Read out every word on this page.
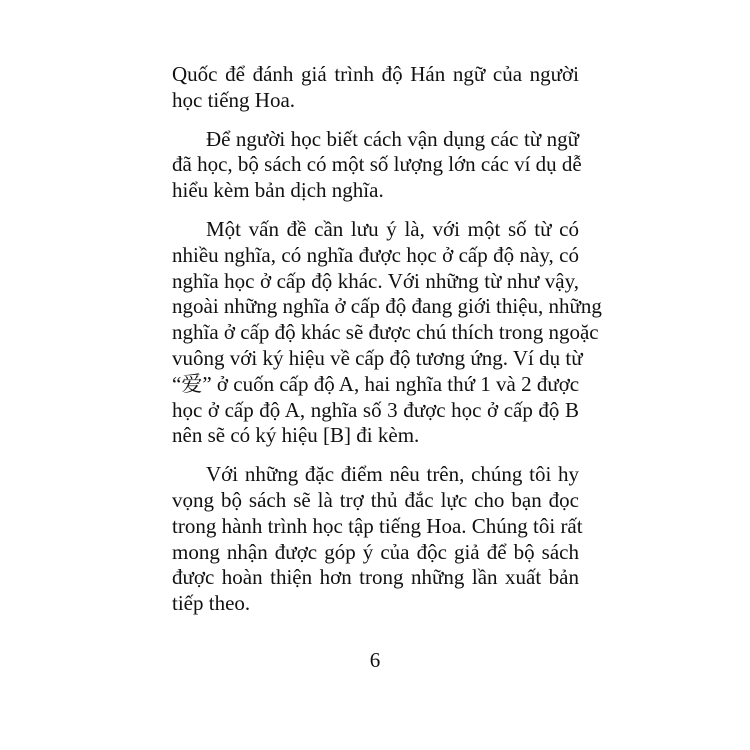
Quốc để đánh giá trình độ Hán ngữ của người
học tiếng Hoa.
Để người học biết cách vận dụng các từ ngữ
đã học, bộ sách có một số lượng lớn các ví dụ dễ
hiểu kèm bản dịch nghĩa.
Một vấn đề cần lưu ý là, với một số từ có
nhiều nghĩa, có nghĩa được học ở cấp độ này, có
nghĩa học ở cấp độ khác. Với những từ như vậy,
ngoài những nghĩa ở cấp độ đang giới thiệu, những
nghĩa ở cấp độ khác sẽ được chú thích trong ngoặc
vuông với ký hiệu về cấp độ tương ứng. Ví dụ từ
“爱” ở cuốn cấp độ A, hai nghĩa thứ 1 và 2 được
học ở cấp độ A, nghĩa số 3 được học ở cấp độ B
nên sẽ có ký hiệu [B] đi kèm.
Với những đặc điểm nêu trên, chúng tôi hy
vọng bộ sách sẽ là trợ thủ đắc lực cho bạn đọc
trong hành trình học tập tiếng Hoa. Chúng tôi rất
mong nhận được góp ý của độc giả để bộ sách
được hoàn thiện hơn trong những lần xuất bản
tiếp theo.
6
